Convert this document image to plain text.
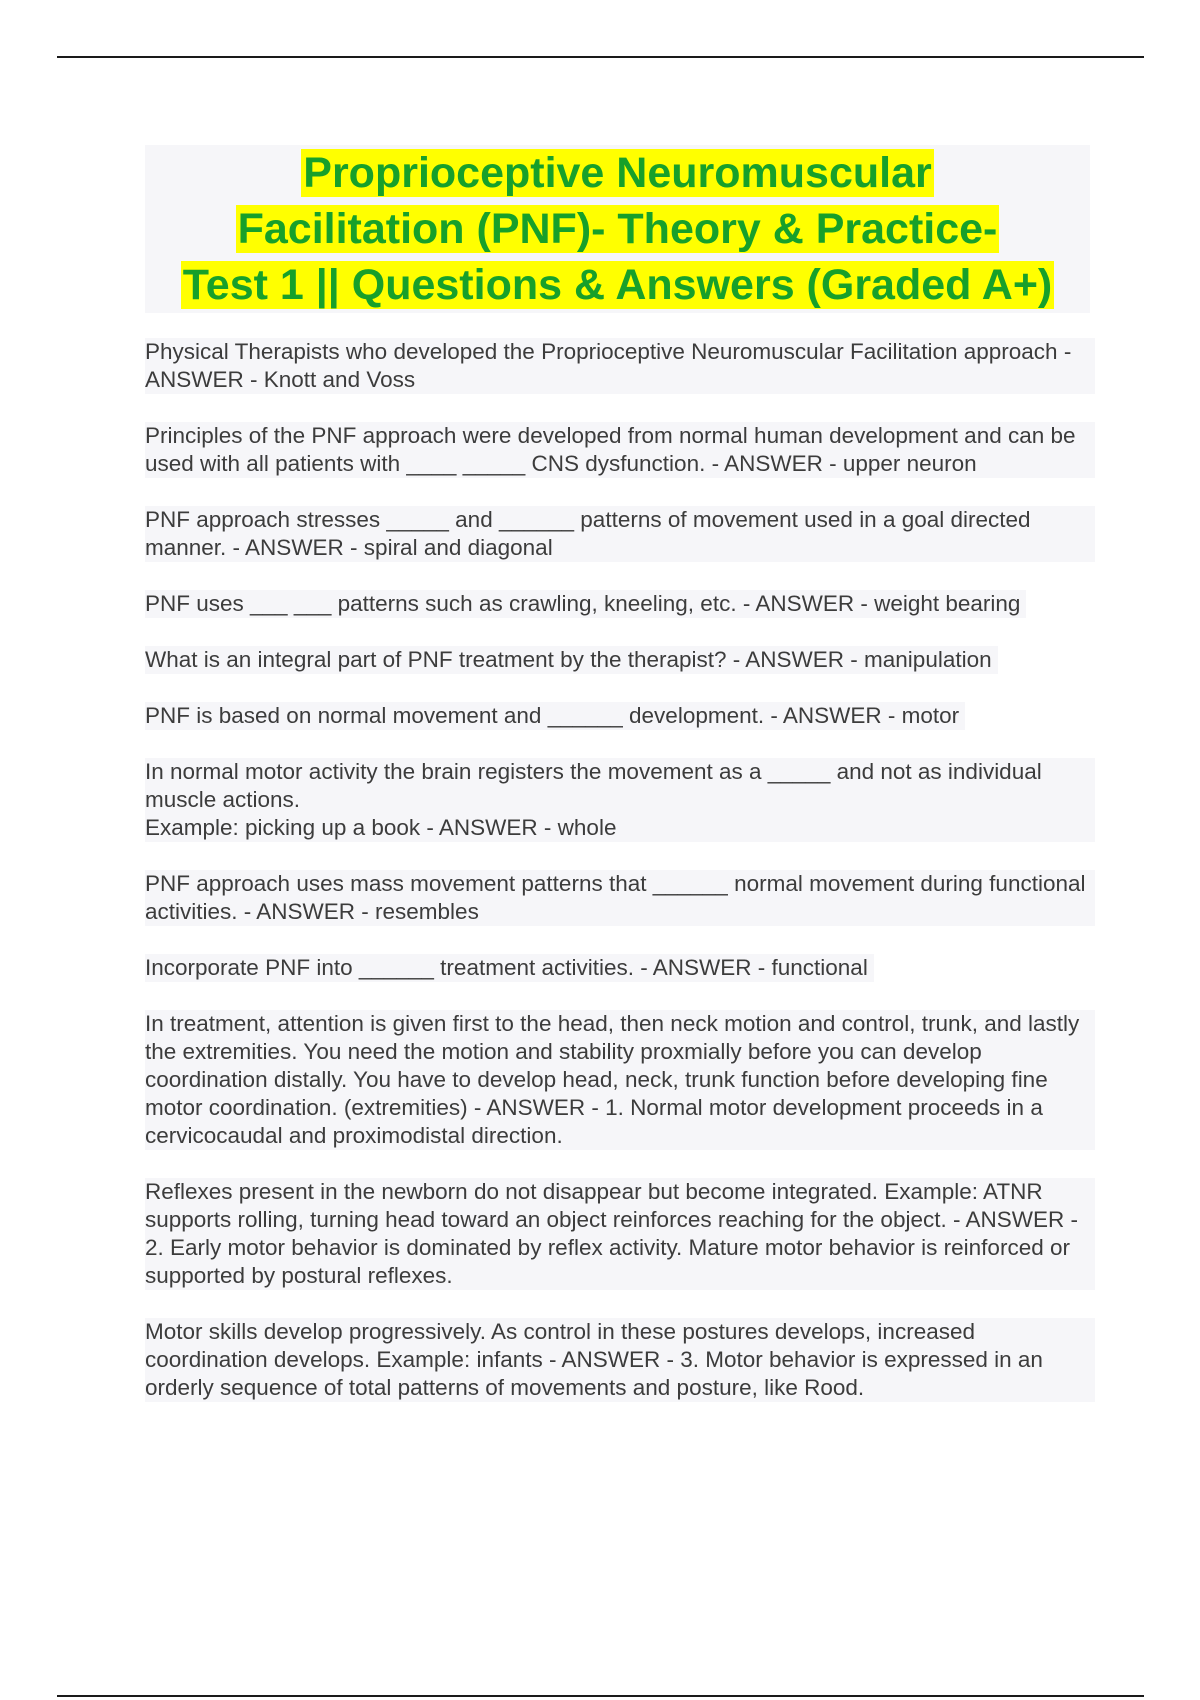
Proprioceptive Neuromuscular
Facilitation (PNF)- Theory & Practice-
Test 1 || Questions & Answers (Graded A+)

Physical Therapists who developed the Proprioceptive Neuromuscular Facilitation approach - ANSWER - Knott and Voss

Principles of the PNF approach were developed from normal human development and can be used with all patients with ____ _____ CNS dysfunction. - ANSWER - upper neuron

PNF approach stresses _____ and ______ patterns of movement used in a goal directed manner. - ANSWER - spiral and diagonal

PNF uses ___ ___ patterns such as crawling, kneeling, etc. - ANSWER - weight bearing

What is an integral part of PNF treatment by the therapist? - ANSWER - manipulation

PNF is based on normal movement and ______ development. - ANSWER - motor

In normal motor activity the brain registers the movement as a _____ and not as individual muscle actions.
Example: picking up a book - ANSWER - whole

PNF approach uses mass movement patterns that ______ normal movement during functional activities. - ANSWER - resembles

Incorporate PNF into ______ treatment activities. - ANSWER - functional

In treatment, attention is given first to the head, then neck motion and control, trunk, and lastly the extremities. You need the motion and stability proxmially before you can develop coordination distally. You have to develop head, neck, trunk function before developing fine motor coordination. (extremities) - ANSWER - 1. Normal motor development proceeds in a cervicocaudal and proximodistal direction.

Reflexes present in the newborn do not disappear but become integrated. Example: ATNR supports rolling, turning head toward an object reinforces reaching for the object. - ANSWER - 2. Early motor behavior is dominated by reflex activity. Mature motor behavior is reinforced or supported by postural reflexes.

Motor skills develop progressively. As control in these postures develops, increased coordination develops. Example: infants - ANSWER - 3. Motor behavior is expressed in an orderly sequence of total patterns of movements and posture, like Rood.
